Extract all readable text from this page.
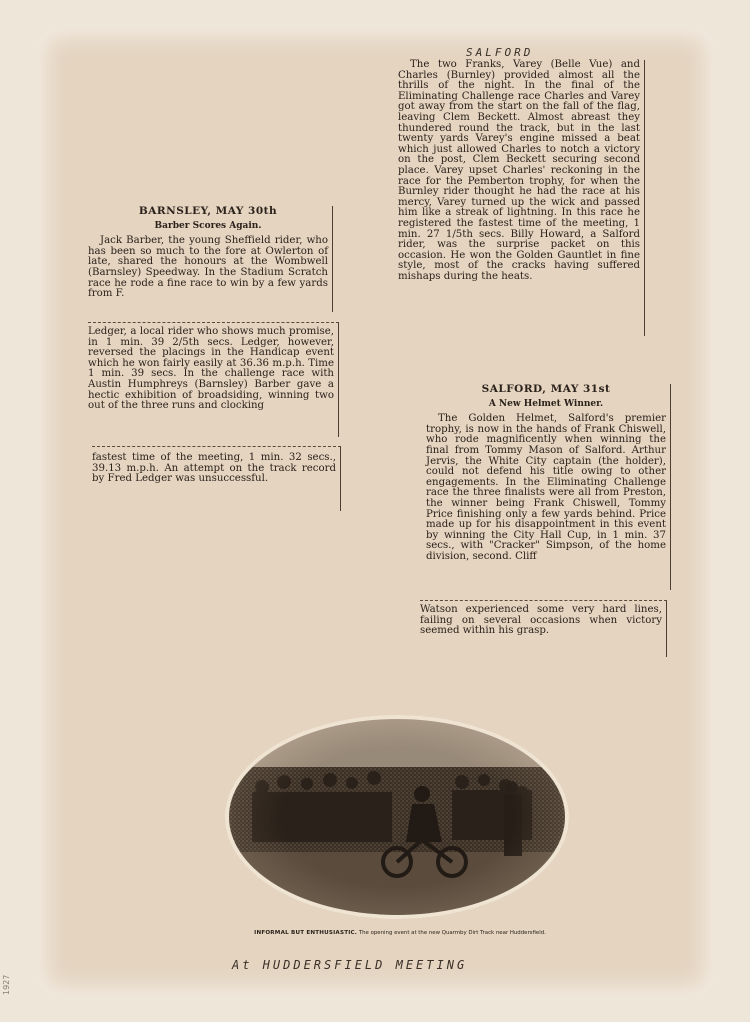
1927
SALFORD

The two Franks, Varey (Belle Vue) and Charles (Burnley) provided almost all the thrills of the night. In the final of the Eliminating Challenge race Charles and Varey got away from the start on the fall of the flag, leaving Clem Beckett. Almost abreast they thundered round the track, but in the last twenty yards Varey's engine missed a beat which just allowed Charles to notch a victory on the post, Clem Beckett securing second place. Varey upset Charles' reckoning in the race for the Pemberton trophy, for when the Burnley rider thought he had the race at his mercy, Varey turned up the wick and passed him like a streak of lightning. In this race he registered the fastest time of the meeting, 1 min. 27 1/5th secs. Billy Howard, a Salford rider, was the surprise packet on this occasion. He won the Golden Gauntlet in fine style, most of the cracks having suffered mishaps during the heats.

BARNSLEY, MAY 30th
Barber Scores Again.

Jack Barber, the young Sheffield rider, who has been so much to the fore at Owlerton of late, shared the honours at the Wombwell (Barnsley) Speedway. In the Stadium Scratch race he rode a fine race to win by a few yards from F.

Ledger, a local rider who shows much promise, in 1 min. 39 2/5th secs. Ledger, however, reversed the placings in the Handicap event which he won fairly easily at 36.36 m.p.h. Time 1 min. 39 secs. In the challenge race with Austin Humphreys (Barnsley) Barber gave a hectic exhibition of broadsiding, winning two out of the three runs and clocking

fastest time of the meeting, 1 min. 32 secs., 39.13 m.p.h. An attempt on the track record by Fred Ledger was unsuccessful.

SALFORD, MAY 31st
A New Helmet Winner.

The Golden Helmet, Salford's premier trophy, is now in the hands of Frank Chiswell, who rode magnificently when winning the final from Tommy Mason of Salford. Arthur Jervis, the White City captain (the holder), could not defend his title owing to other engagements. In the Eliminating Challenge race the three finalists were all from Preston, the winner being Frank Chiswell, Tommy Price finishing only a few yards behind. Price made up for his disappointment in this event by winning the City Hall Cup, in 1 min. 37 secs., with "Cracker" Simpson, of the home division, second. Cliff

Watson experienced some very hard lines, failing on several occasions when victory seemed within his grasp.

INFORMAL BUT ENTHUSIASTIC. The opening event at the new Quarmby Dirt Track near Huddersfield.
At HUDDERSFIELD MEETING
